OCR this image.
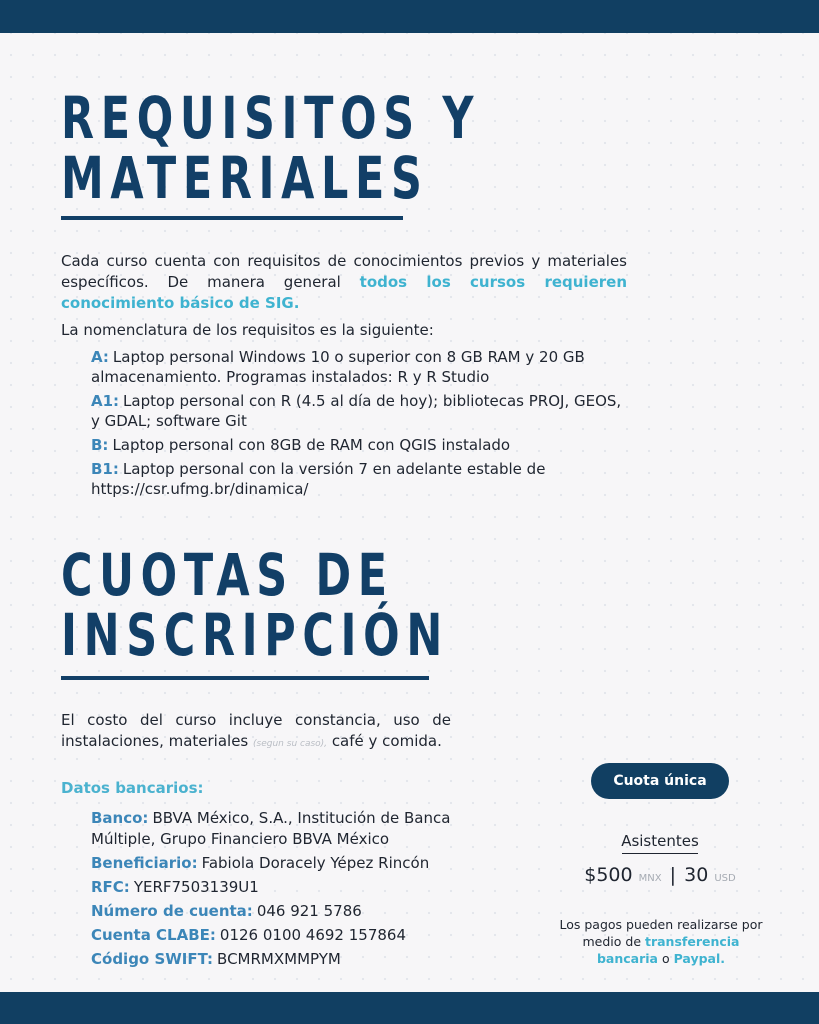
REQUISITOS Y
MATERIALES

Cada curso cuenta con requisitos de conocimientos previos y materiales específicos. De manera general todos los cursos requieren conocimiento básico de SIG.

La nomenclatura de los requisitos es la siguiente:

A: Laptop personal Windows 10 o superior con 8 GB RAM y 20 GB almacenamiento. Programas instalados: R y R Studio
A1: Laptop personal con R (4.5 al día de hoy); bibliotecas PROJ, GEOS, y GDAL; software Git
B: Laptop personal con 8GB de RAM con QGIS instalado
B1: Laptop personal con la versión 7 en adelante estable de https://csr.ufmg.br/dinamica/
CUOTAS DE
INSCRIPCIÓN

El costo del curso incluye constancia, uso de instalaciones, materiales (segun su caso), café y comida.

Datos bancarios:

Banco: BBVA México, S.A., Institución de Banca Múltiple, Grupo Financiero BBVA México
Beneficiario: Fabiola Doracely Yépez Rincón
RFC: YERF7503139U1
Número de cuenta: 046 921 5786
Cuenta CLABE: 0126 0100 4692 157864
Código SWIFT: BCMRMXMMPYM
Cuota única
Asistentes
$500 MNX | 30 USD
Los pagos pueden realizarse por medio de transferencia bancaria o Paypal.
